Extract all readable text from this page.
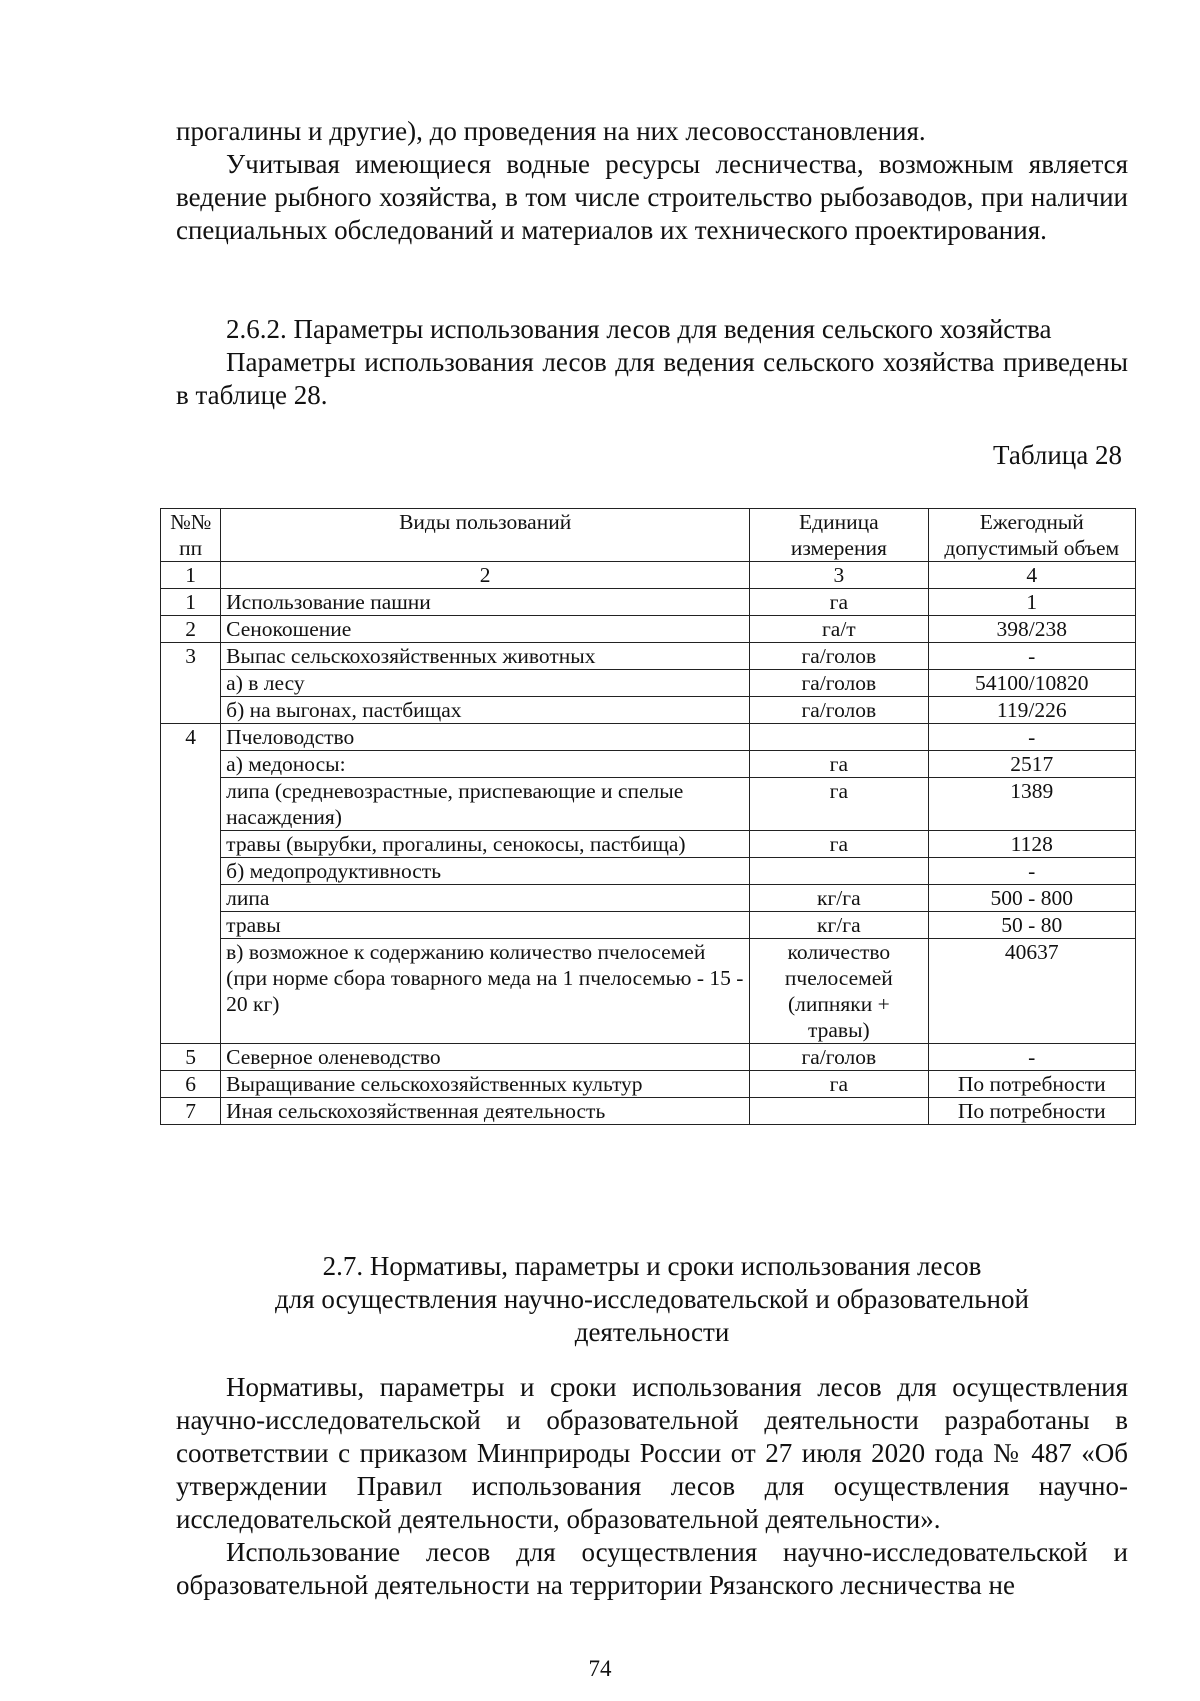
прогалины и другие), до проведения на них лесовосстановления.

Учитывая имеющиеся водные ресурсы лесничества, возможным является ведение рыбного хозяйства, в том числе строительство рыбозаводов, при наличии специальных обследований и материалов их технического проектирования.

2.6.2. Параметры использования лесов для ведения сельского хозяйства

Параметры использования лесов для ведения сельского хозяйства приведены в таблице 28.

Таблица 28
№№ пп	Виды пользований	Единица измерения	Ежегодный допустимый объем
1	2	3	4
1	Использование пашни	га	1
2	Сенокошение	га/т	398/238
3	Выпас сельскохозяйственных животных	га/голов	-
	а) в лесу	га/голов	54100/10820
	б) на выгонах, пастбищах	га/голов	119/226
4	Пчеловодство		-
	а) медоносы:	га	2517
	липа (средневозрастные, приспевающие и спелые насаждения)	га	1389
	травы (вырубки, прогалины, сенокосы, пастбища)	га	1128
	б) медопродуктивность		-
	липа	кг/га	500 - 800
	травы	кг/га	50 - 80
	в) возможное к содержанию количество пчелосемей (при норме сбора товарного меда на 1 пчелосемью - 15 - 20 кг)	количество пчелосемей (липняки + травы)	40637
5	Северное оленеводство	га/голов	-
6	Выращивание сельскохозяйственных культур	га	По потребности
7	Иная сельскохозяйственная деятельность		По потребности
2.7. Нормативы, параметры и сроки использования лесов
для осуществления научно-исследовательской и образовательной
деятельности

Нормативы, параметры и сроки использования лесов для осуществления научно-исследовательской и образовательной деятельности разработаны в соответствии с приказом Минприроды России от 27 июля 2020 года № 487 «Об утверждении Правил использования лесов для осуществления научно-исследовательской деятельности, образовательной деятельности».

Использование лесов для осуществления научно-исследовательской и образовательной деятельности на территории Рязанского лесничества не

74
